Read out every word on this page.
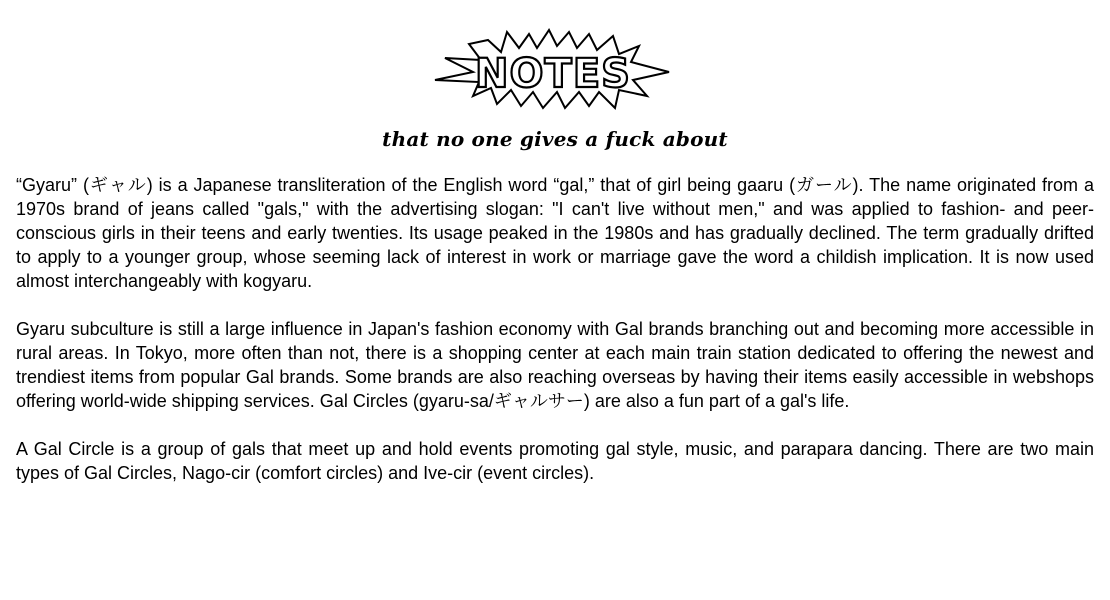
NOTES
that no one gives a fuck about

“Gyaru” (ギャル) is a Japanese transliteration of the English word “gal,” that of girl being gaaru (ガール). The name originated from a 1970s brand of jeans called "gals," with the advertising slogan: "I can't live without men," and was applied to fashion- and peer-conscious girls in their teens and early twenties. Its usage peaked in the 1980s and has gradually declined. The term gradually drifted to apply to a younger group, whose seeming lack of interest in work or marriage gave the word a childish implication. It is now used almost interchangeably with kogyaru.

Gyaru subculture is still a large influence in Japan's fashion economy with Gal brands branching out and becoming more accessible in rural areas. In Tokyo, more often than not, there is a shopping center at each main train station dedicated to offering the newest and trendiest items from popular Gal brands. Some brands are also reaching overseas by having their items easily accessible in webshops offering world-wide shipping services. Gal Circles (gyaru-sa/ギャルサー) are also a fun part of a gal's life.

A Gal Circle is a group of gals that meet up and hold events promoting gal style, music, and parapara dancing. There are two main types of Gal Circles, Nago-cir (comfort circles) and Ive-cir (event circles).
